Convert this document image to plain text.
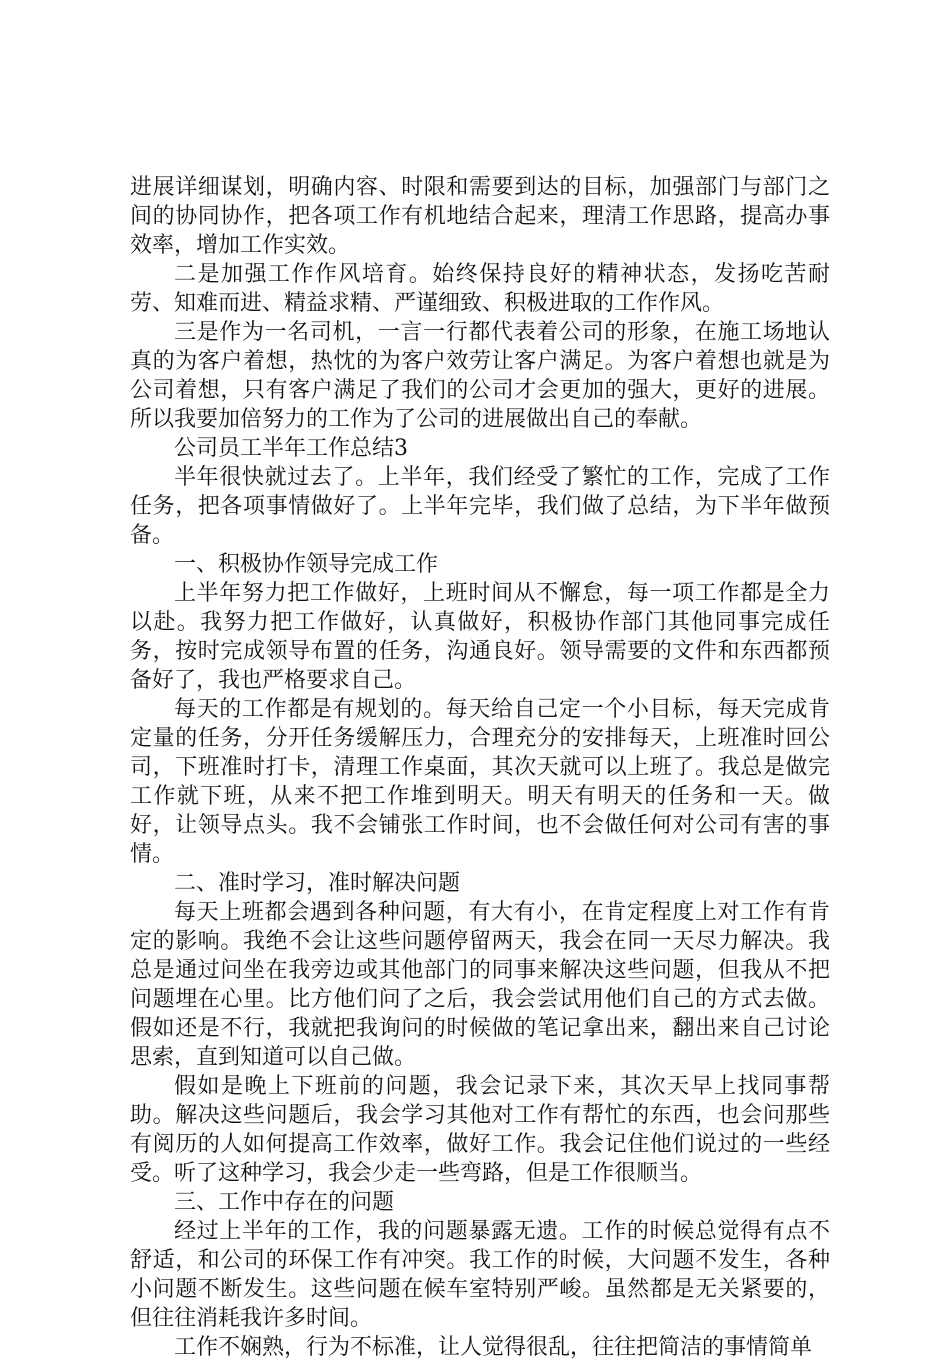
进展详细谋划，明确内容、时限和需要到达的目标，加强部门与部门之间的协同协作，把各项工作有机地结合起来，理清工作思路，提高办事效率，增加工作实效。

二是加强工作作风培育。始终保持良好的精神状态，发扬吃苦耐劳、知难而进、精益求精、严谨细致、积极进取的工作作风。

三是作为一名司机，一言一行都代表着公司的形象，在施工场地认真的为客户着想，热忱的为客户效劳让客户满足。为客户着想也就是为公司着想，只有客户满足了我们的公司才会更加的强大，更好的进展。所以我要加倍努力的工作为了公司的进展做出自己的奉献。

公司员工半年工作总结3

半年很快就过去了。上半年，我们经受了繁忙的工作，完成了工作任务，把各项事情做好了。上半年完毕，我们做了总结，为下半年做预备。

一、积极协作领导完成工作

上半年努力把工作做好，上班时间从不懈怠，每一项工作都是全力以赴。我努力把工作做好，认真做好，积极协作部门其他同事完成任务，按时完成领导布置的任务，沟通良好。领导需要的文件和东西都预备好了，我也严格要求自己。

每天的工作都是有规划的。每天给自己定一个小目标，每天完成肯定量的任务，分开任务缓解压力，合理充分的安排每天，上班准时回公司，下班准时打卡，清理工作桌面，其次天就可以上班了。我总是做完工作就下班，从来不把工作堆到明天。明天有明天的任务和一天。做好，让领导点头。我不会铺张工作时间，也不会做任何对公司有害的事情。

二、准时学习，准时解决问题

每天上班都会遇到各种问题，有大有小，在肯定程度上对工作有肯定的影响。我绝不会让这些问题停留两天，我会在同一天尽力解决。我总是通过问坐在我旁边或其他部门的同事来解决这些问题，但我从不把问题埋在心里。比方他们问了之后，我会尝试用他们自己的方式去做。假如还是不行，我就把我询问的时候做的笔记拿出来，翻出来自己讨论思索，直到知道可以自己做。

假如是晚上下班前的问题，我会记录下来，其次天早上找同事帮助。解决这些问题后，我会学习其他对工作有帮忙的东西，也会问那些有阅历的人如何提高工作效率，做好工作。我会记住他们说过的一些经受。听了这种学习，我会少走一些弯路，但是工作很顺当。

三、工作中存在的问题

经过上半年的工作，我的问题暴露无遗。工作的时候总觉得有点不舒适，和公司的环保工作有冲突。我工作的时候，大问题不发生，各种小问题不断发生。这些问题在候车室特别严峻。虽然都是无关紧要的，但往往消耗我许多时间。

工作不娴熟，行为不标准，让人觉得很乱，往往把简洁的事情简单
